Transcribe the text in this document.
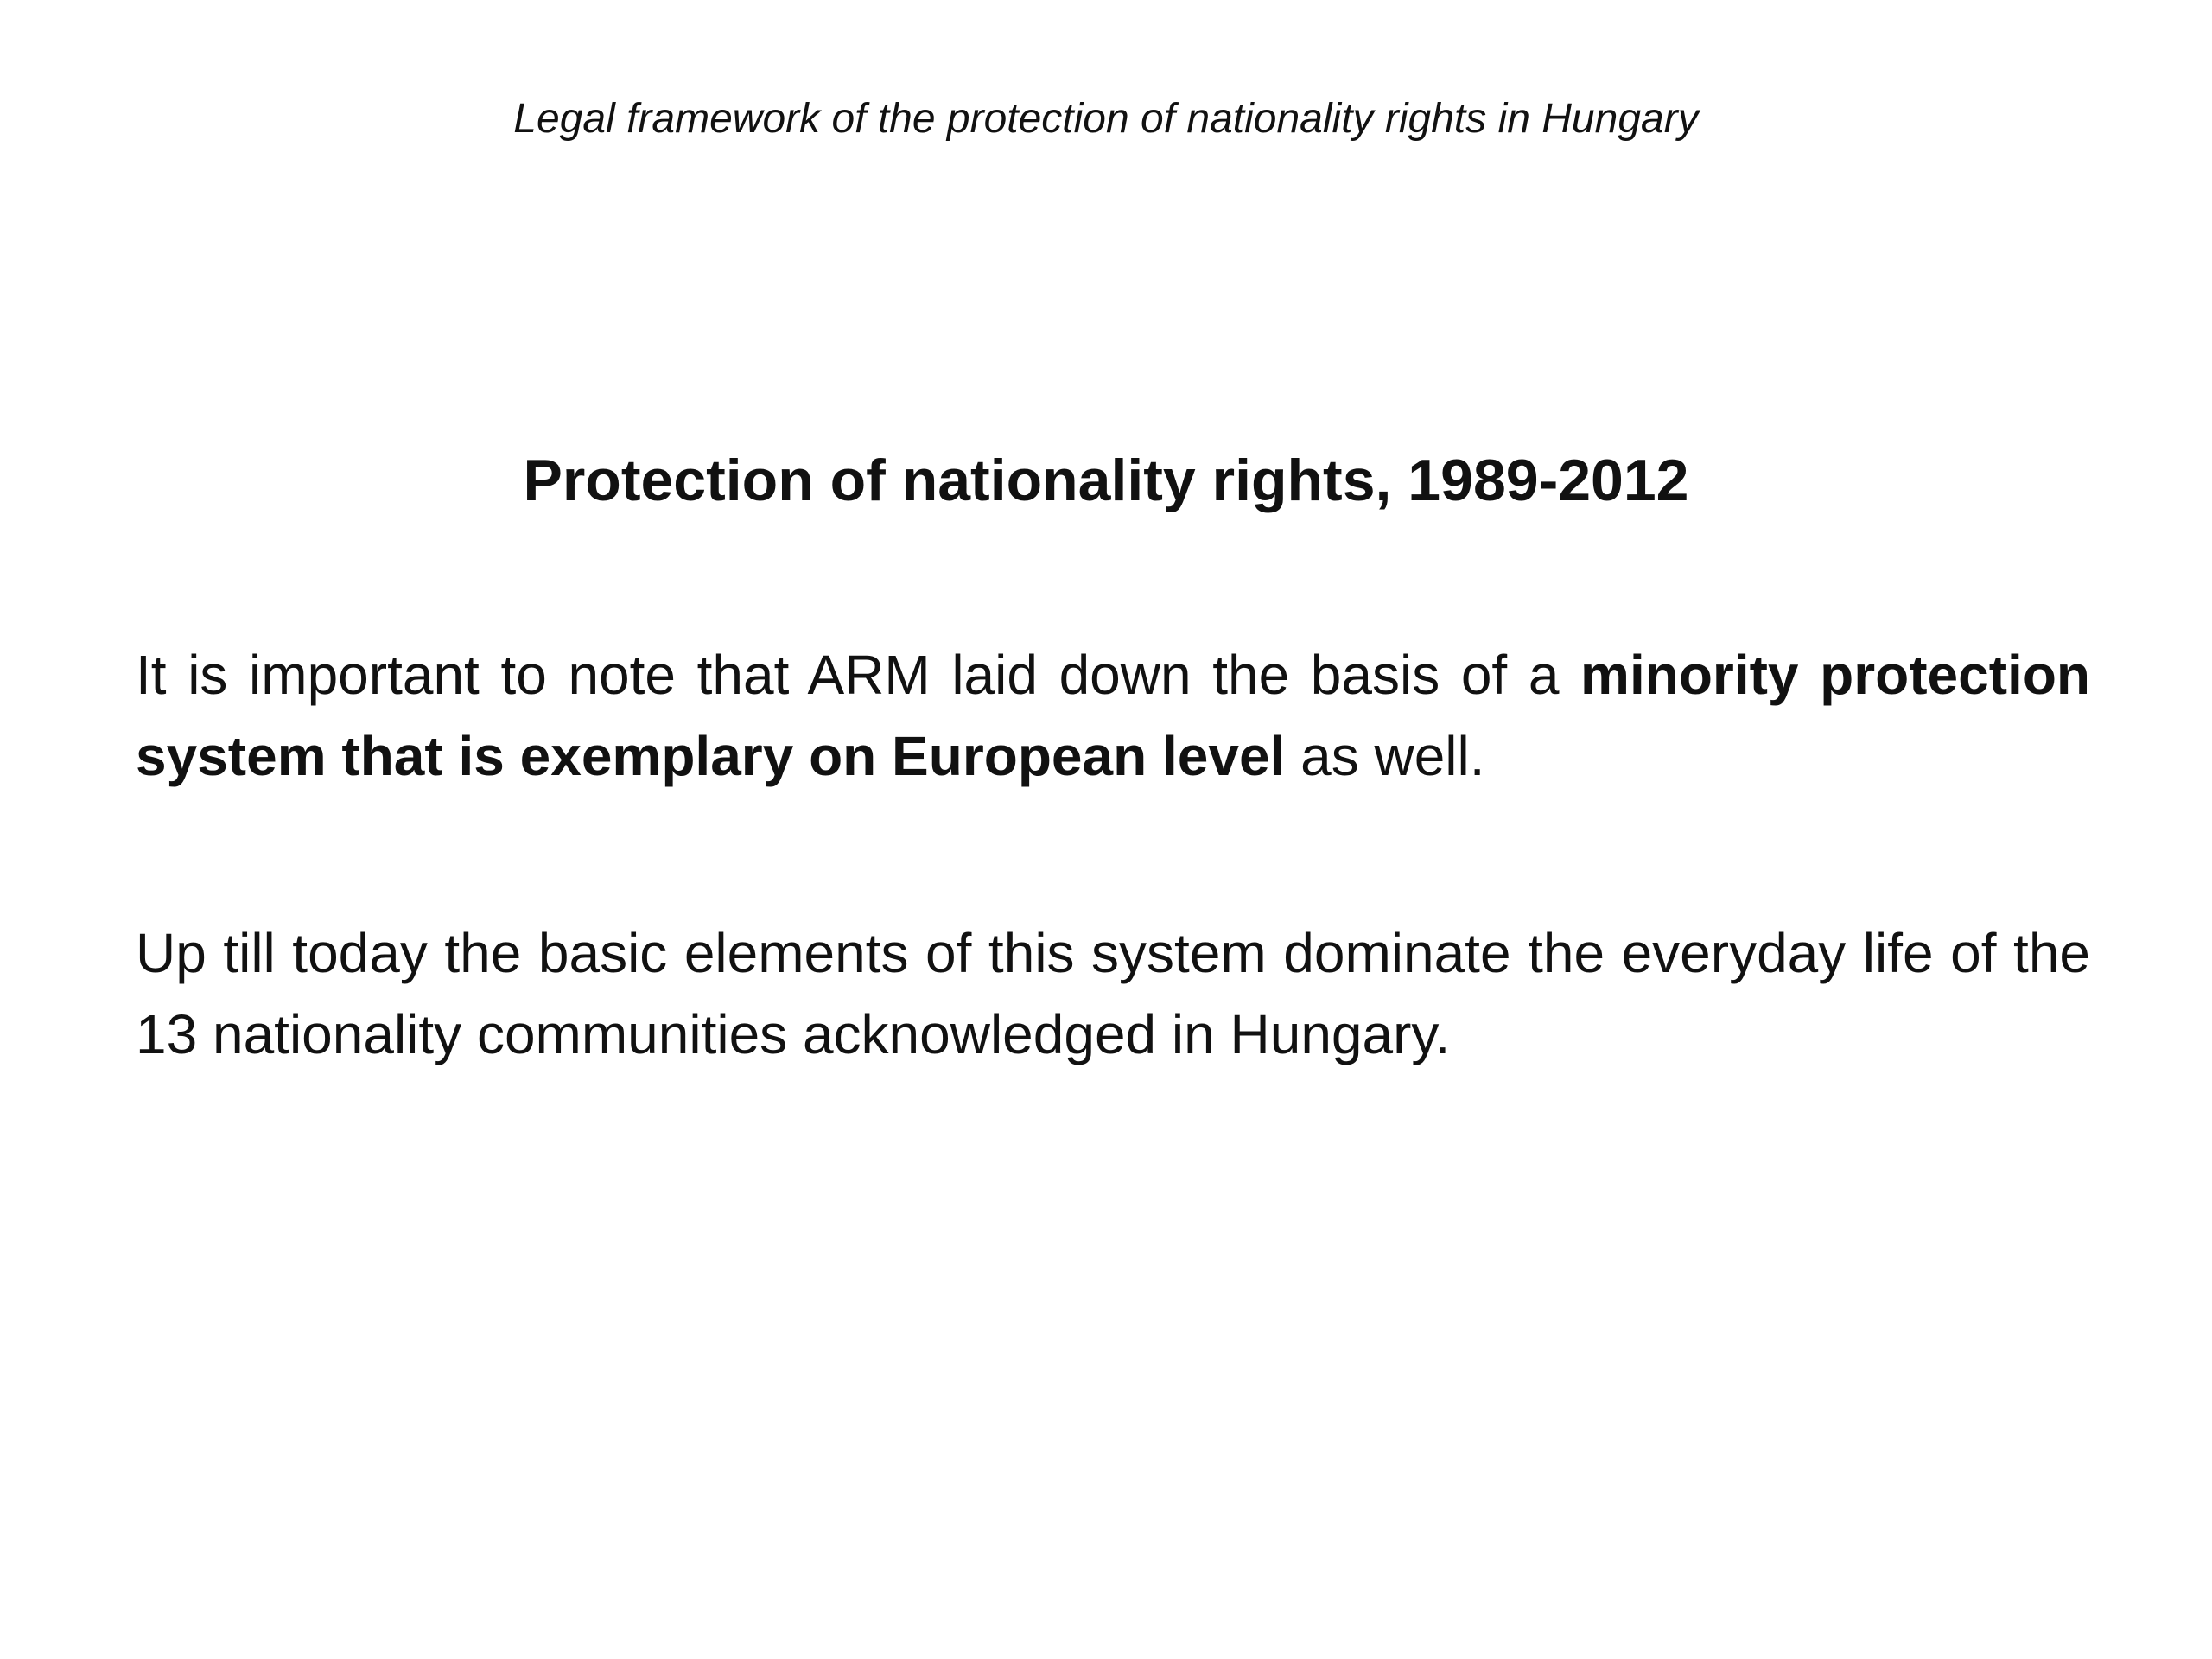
Legal framework of the protection of nationality rights in Hungary
Protection of nationality rights, 1989-2012
It is important to note that ARM laid down the basis of a minority protection system that is exemplary on European level as well.
Up till today the basic elements of this system dominate the everyday life of the 13 nationality communities acknowledged in Hungary.
